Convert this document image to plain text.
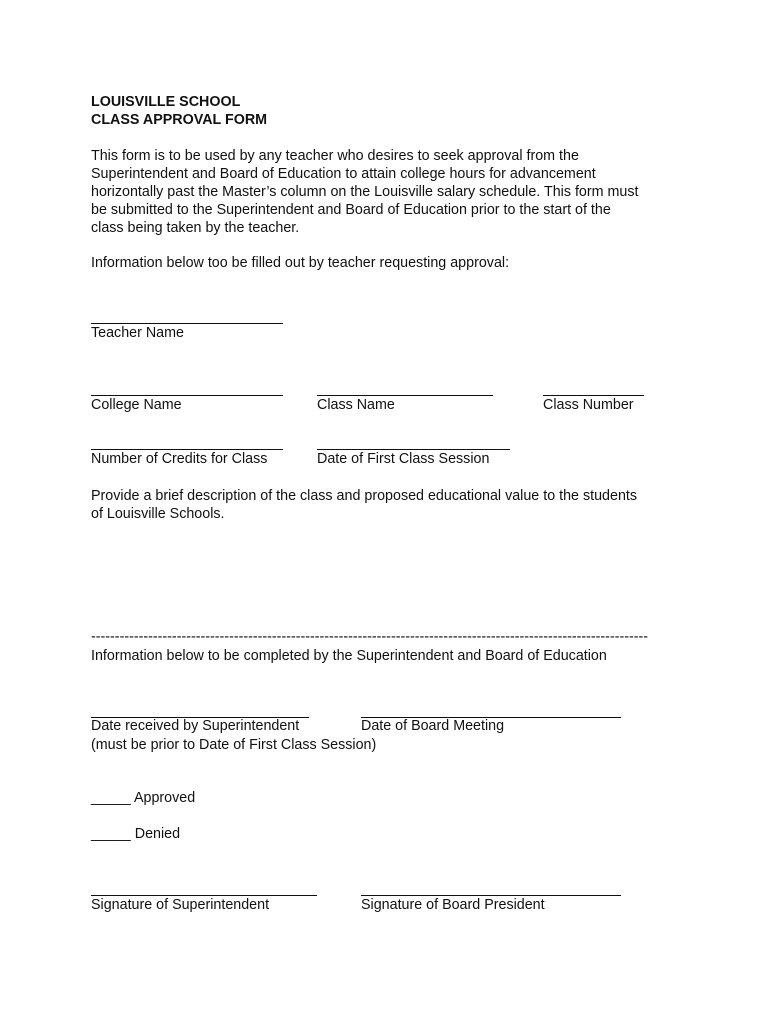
LOUISVILLE SCHOOL
CLASS APPROVAL FORM
This form is to be used by any teacher who desires to seek approval from the
Superintendent and Board of Education to attain college hours for advancement
horizontally past the Master’s column on the Louisville salary schedule. This form must
be submitted to the Superintendent and Board of Education prior to the start of the
class being taken by the teacher.
Information below too be filled out by teacher requesting approval:
Teacher Name
College Name	Class Name	Class Number
Number of Credits for Class	Date of First Class Session
Provide a brief description of the class and proposed educational value to the students
of Louisville Schools.
---------------------------------------------------------------------------------------------------------------------
Information below to be completed by the Superintendent and Board of Education
Date received by Superintendent	Date of Board Meeting
(must be prior to Date of First Class Session)
_____ Approved
_____ Denied
Signature of Superintendent	Signature of Board President
